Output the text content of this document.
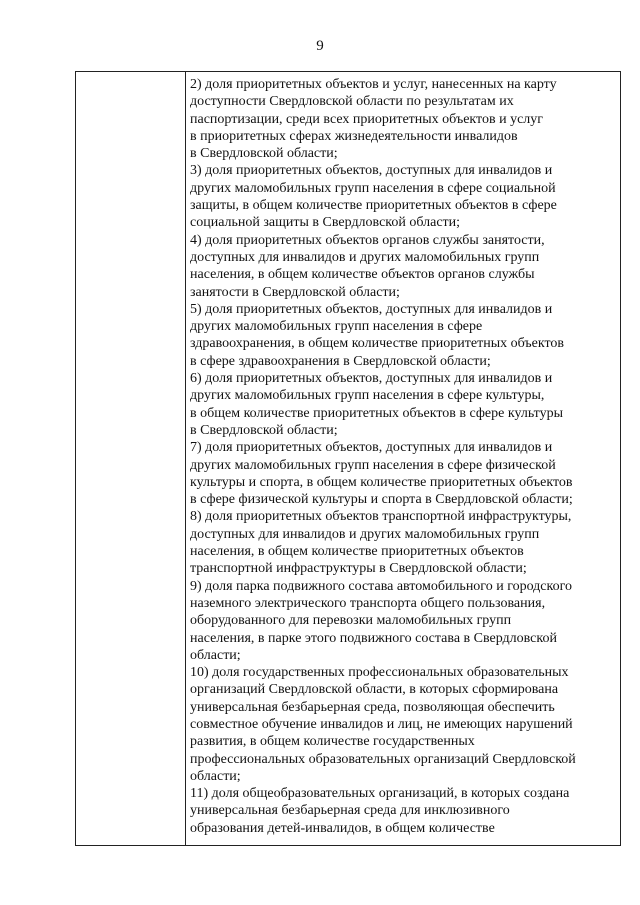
9
2) доля приоритетных объектов и услуг, нанесенных на карту
доступности Свердловской области по результатам их
паспортизации, среди всех приоритетных объектов и услуг
в приоритетных сферах жизнедеятельности инвалидов
в Свердловской области;
3) доля приоритетных объектов, доступных для инвалидов и
других маломобильных групп населения в сфере социальной
защиты, в общем количестве приоритетных объектов в сфере
социальной защиты в Свердловской области;
4) доля приоритетных объектов органов службы занятости,
доступных для инвалидов и других маломобильных групп
населения, в общем количестве объектов органов службы
занятости в Свердловской области;
5) доля приоритетных объектов, доступных для инвалидов и
других маломобильных групп населения в сфере
здравоохранения, в общем количестве приоритетных объектов
в сфере здравоохранения в Свердловской области;
6) доля приоритетных объектов, доступных для инвалидов и
других маломобильных групп населения в сфере культуры,
в общем количестве приоритетных объектов в сфере культуры
в Свердловской области;
7) доля приоритетных объектов, доступных для инвалидов и
других маломобильных групп населения в сфере физической
культуры и спорта, в общем количестве приоритетных объектов
в сфере физической культуры и спорта в Свердловской области;
8) доля приоритетных объектов транспортной инфраструктуры,
доступных для инвалидов и других маломобильных групп
населения, в общем количестве приоритетных объектов
транспортной инфраструктуры в Свердловской области;
9) доля парка подвижного состава автомобильного и городского
наземного электрического транспорта общего пользования,
оборудованного для перевозки маломобильных групп
населения, в парке этого подвижного состава в Свердловской
области;
10) доля государственных профессиональных образовательных
организаций Свердловской области, в которых сформирована
универсальная безбарьерная среда, позволяющая обеспечить
совместное обучение инвалидов и лиц, не имеющих нарушений
развития, в общем количестве государственных
профессиональных образовательных организаций Свердловской
области;
11) доля общеобразовательных организаций, в которых создана
универсальная безбарьерная среда для инклюзивного
образования детей-инвалидов, в общем количестве
